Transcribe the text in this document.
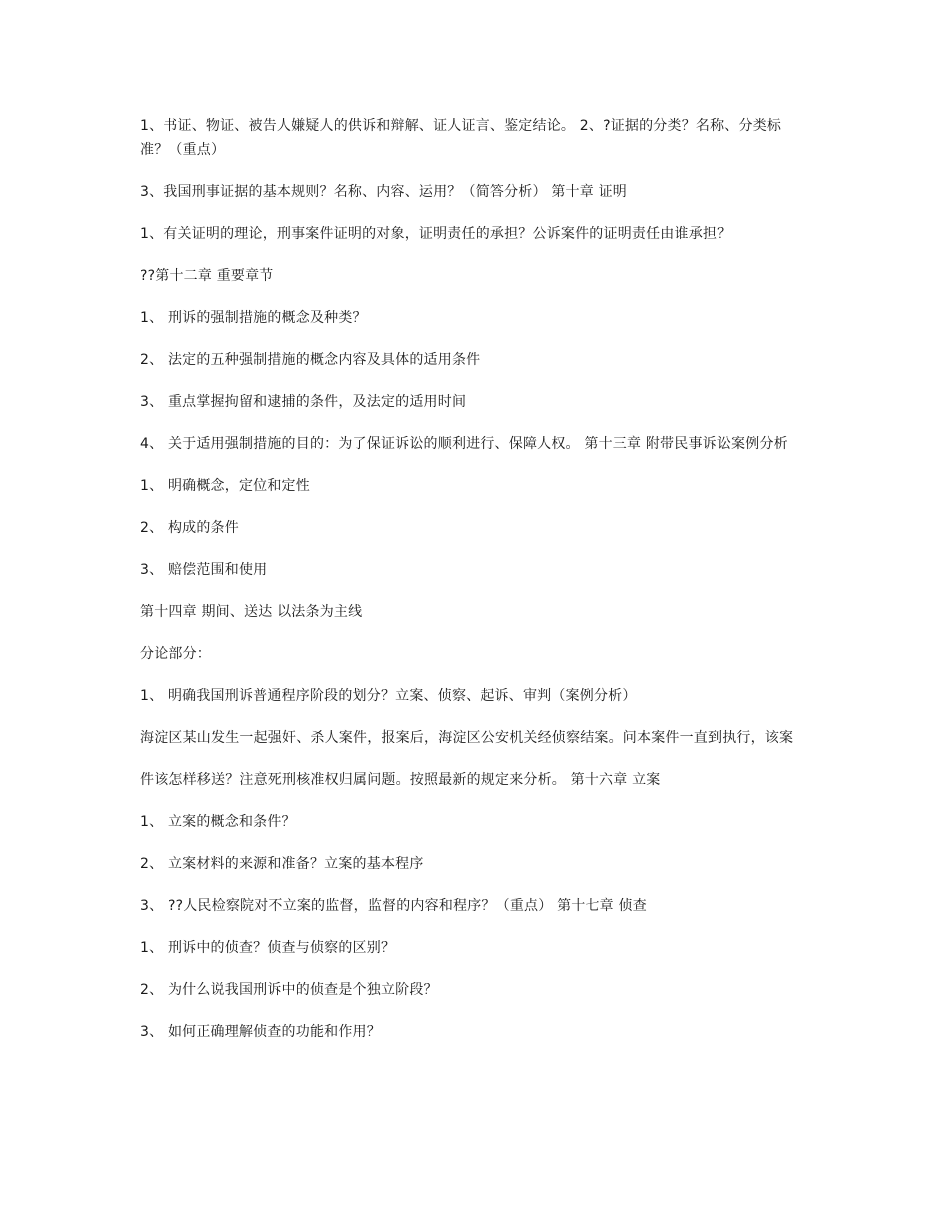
1、书证、物证、被告人嫌疑人的供诉和辩解、证人证言、鉴定结论。 2、?证据的分类？名称、分类标准？（重点）

3、我国刑事证据的基本规则？名称、内容、运用？（简答分析） 第十章 证明

1、有关证明的理论，刑事案件证明的对象，证明责任的承担？公诉案件的证明责任由谁承担？

??第十二章 重要章节

1、 刑诉的强制措施的概念及种类？

2、 法定的五种强制措施的概念内容及具体的适用条件

3、 重点掌握拘留和逮捕的条件，及法定的适用时间

4、 关于适用强制措施的目的：为了保证诉讼的顺利进行、保障人权。 第十三章 附带民事诉讼案例分析

1、 明确概念，定位和定性

2、 构成的条件

3、 赔偿范围和使用

第十四章 期间、送达 以法条为主线

分论部分：

1、 明确我国刑诉普通程序阶段的划分？立案、侦察、起诉、审判（案例分析）

海淀区某山发生一起强奸、杀人案件，报案后，海淀区公安机关经侦察结案。问本案件一直到执行，该案

件该怎样移送？注意死刑核准权归属问题。按照最新的规定来分析。 第十六章 立案

1、 立案的概念和条件？

2、 立案材料的来源和准备？立案的基本程序

3、 ??人民检察院对不立案的监督，监督的内容和程序？（重点） 第十七章 侦查

1、 刑诉中的侦查？侦查与侦察的区别？

2、 为什么说我国刑诉中的侦查是个独立阶段？

3、 如何正确理解侦查的功能和作用？
